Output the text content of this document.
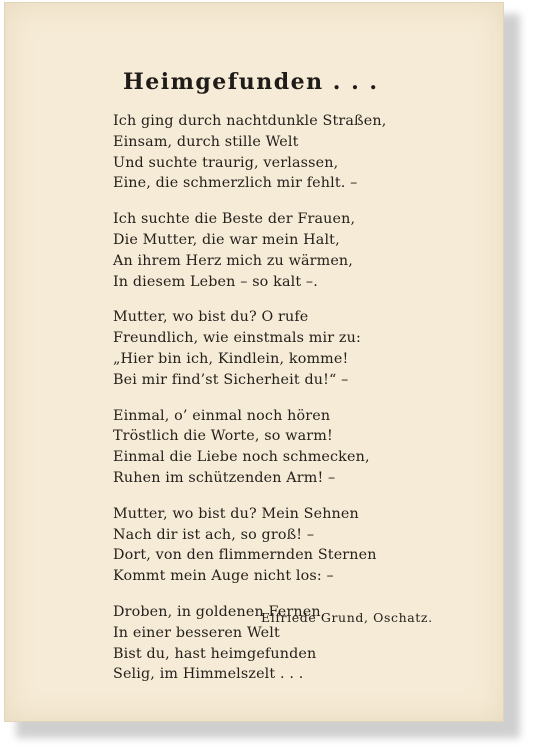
Heimgefunden . . .
Ich ging durch nachtdunkle Straßen,
Einsam, durch stille Welt
Und suchte traurig, verlassen,
Eine, die schmerzlich mir fehlt. –
Ich suchte die Beste der Frauen,
Die Mutter, die war mein Halt,
An ihrem Herz mich zu wärmen,
In diesem Leben – so kalt –.
Mutter, wo bist du? O rufe
Freundlich, wie einstmals mir zu:
„Hier bin ich, Kindlein, komme!
Bei mir find’st Sicherheit du!“ –
Einmal, o’ einmal noch hören
Tröstlich die Worte, so warm!
Einmal die Liebe noch schmecken,
Ruhen im schützenden Arm! –
Mutter, wo bist du? Mein Sehnen
Nach dir ist ach, so groß! –
Dort, von den flimmernden Sternen
Kommt mein Auge nicht los: –
Droben, in goldenen Fernen,
In einer besseren Welt
Bist du, hast heimgefunden
Selig, im Himmelszelt . . .
Elfriede Grund, Oschatz.
